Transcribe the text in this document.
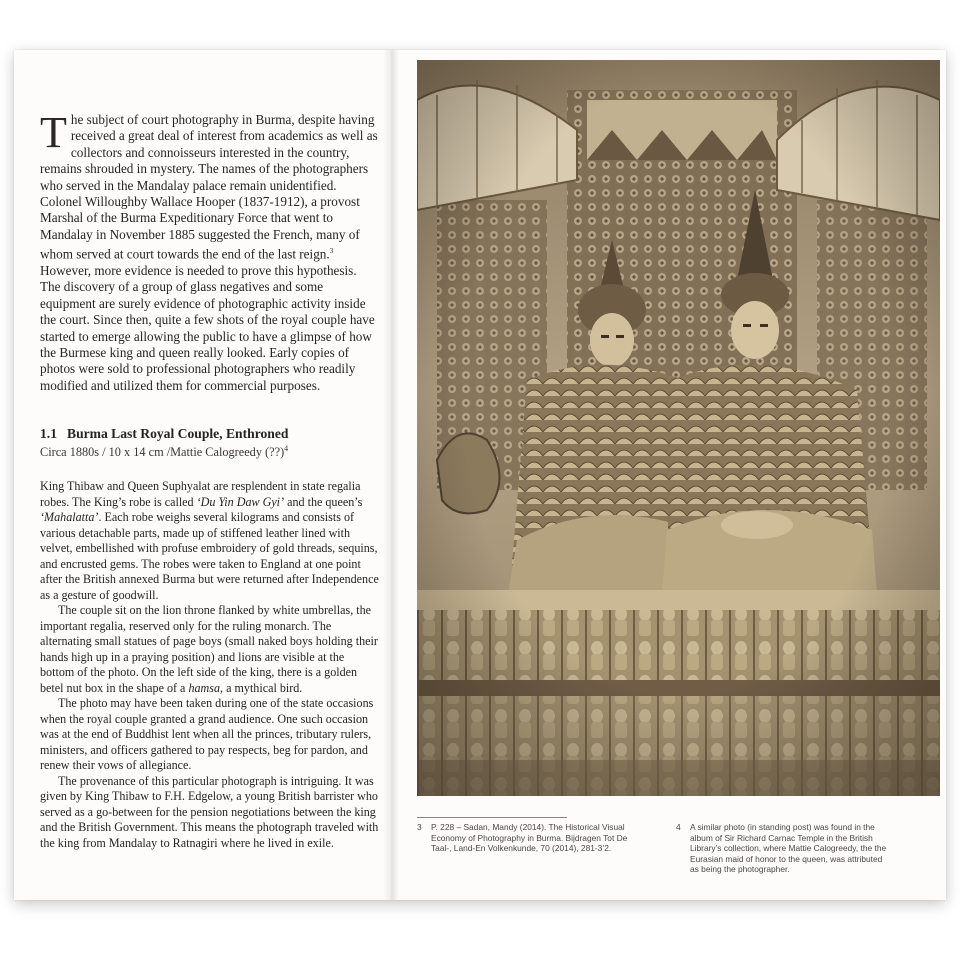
The subject of court photography in Burma, despite having received a great deal of interest from academics as well as collectors and connoisseurs interested in the country, remains shrouded in mystery. The names of the photographers who served in the Mandalay palace remain unidentified. Colonel Willoughby Wallace Hooper (1837-1912), a provost Marshal of the Burma Expeditionary Force that went to Mandalay in November 1885 suggested the French, many of whom served at court towards the end of the last reign.$^3$ However, more evidence is needed to prove this hypothesis. The discovery of a group of glass negatives and some equipment are surely evidence of photographic activity inside the court. Since then, quite a few shots of the royal couple have started to emerge allowing the public to have a glimpse of how the Burmese king and queen really looked. Early copies of photos were sold to professional photographers who readily modified and utilized them for commercial purposes.

1.1 Burma Last Royal Couple, Enthroned

Circa 1880s / 10 x 14 cm /Mattie Calogreedy (??)$^4$

King Thibaw and Queen Suphyalat are resplendent in state regalia robes. The King’s robe is called ‘Du Yin Daw Gyi’ and the queen’s ‘Mahalatta’. Each robe weighs several kilograms and consists of various detachable parts, made up of stiffened leather lined with velvet, embellished with profuse embroidery of gold threads, sequins, and encrusted gems. The robes were taken to England at one point after the British annexed Burma but were returned after Independence as a gesture of goodwill.

The couple sit on the lion throne flanked by white umbrellas, the important regalia, reserved only for the ruling monarch. The alternating small statues of page boys (small naked boys holding their hands high up in a praying position) and lions are visible at the bottom of the photo. On the left side of the king, there is a golden betel nut box in the shape of a hamsa, a mythical bird.

The photo may have been taken during one of the state occasions when the royal couple granted a grand audience. One such occasion was at the end of Buddhist lent when all the princes, tributary rulers, ministers, and officers gathered to pay respects, beg for pardon, and renew their vows of allegiance.

The provenance of this particular photograph is intriguing. It was given by King Thibaw to F.H. Edgelow, a young British barrister who served as a go-between for the pension negotiations between the king and the British Government. This means the photograph traveled with the king from Mandalay to Ratnagiri where he lived in exile.

3 P. 228 – Sadan, Mandy (2014). The Historical Visual Economy of Photography in Burma. Bijdragen Tot De Taal-, Land-En Volkenkunde, 70 (2014), 281-3’2.
4 A similar photo (in standing post) was found in the album of Sir Richard Carnac Temple in the British Library’s collection, where Mattie Calogreedy, the the Eurasian maid of honor to the queen, was attributed as being the photographer.
